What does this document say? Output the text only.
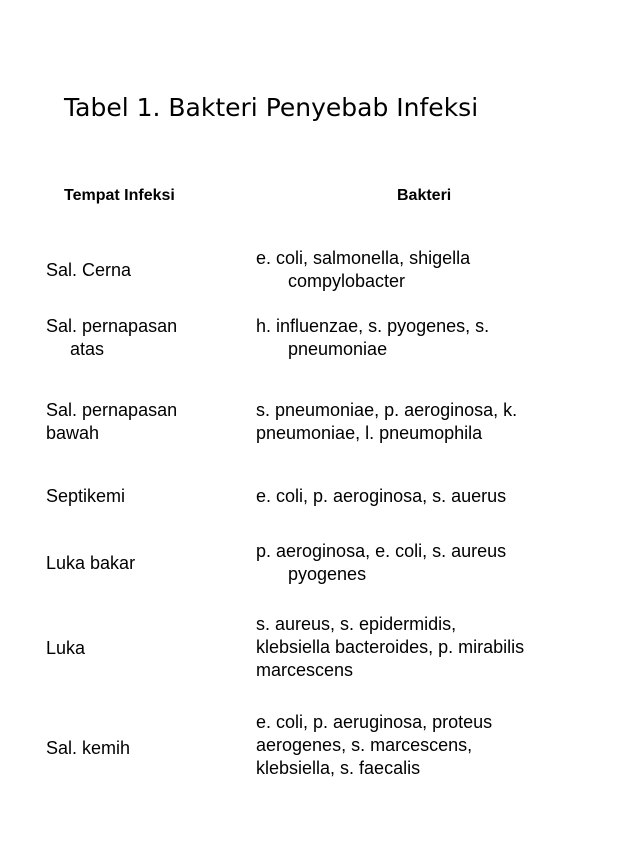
Tabel 1. Bakteri Penyebab Infeksi
Tempat Infeksi	Bakteri
Sal. Cerna
e. coli, salmonella, shigella
compylobacter
Sal. pernapasan
atas
h. influenzae, s. pyogenes, s.
pneumoniae
Sal. pernapasan
bawah
s. pneumoniae, p. aeroginosa, k.
pneumoniae, l. pneumophila
Septikemi	e. coli, p. aeroginosa, s. auerus
Luka bakar
p. aeroginosa, e. coli, s. aureus
pyogenes
Luka
s. aureus, s. epidermidis,
klebsiella bacteroides, p. mirabilis
marcescens
Sal. kemih
e. coli, p. aeruginosa, proteus
aerogenes, s. marcescens,
klebsiella, s. faecalis
